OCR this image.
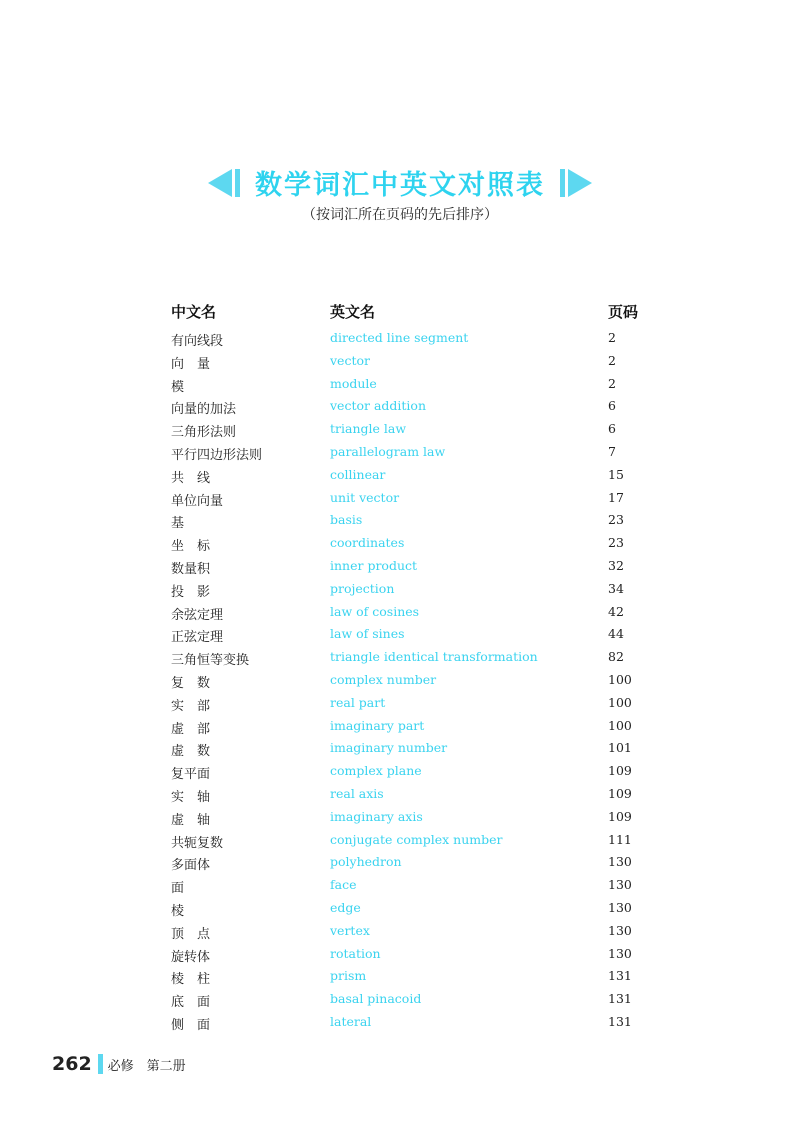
数学词汇中英文对照表
（按词汇所在页码的先后排序）
中文名	英文名	页码
有向线段	directed line segment	2
向　量	vector	2
模	module	2
向量的加法	vector addition	6
三角形法则	triangle law	6
平行四边形法则	parallelogram law	7
共　线	collinear	15
单位向量	unit vector	17
基	basis	23
坐　标	coordinates	23
数量积	inner product	32
投　影	projection	34
余弦定理	law of cosines	42
正弦定理	law of sines	44
三角恒等变换	triangle identical transformation	82
复　数	complex number	100
实　部	real part	100
虚　部	imaginary part	100
虚　数	imaginary number	101
复平面	complex plane	109
实　轴	real axis	109
虚　轴	imaginary axis	109
共轭复数	conjugate complex number	111
多面体	polyhedron	130
面	face	130
棱	edge	130
顶　点	vertex	130
旋转体	rotation	130
棱　柱	prism	131
底　面	basal pinacoid	131
侧　面	lateral	131
262 必修　第二册
